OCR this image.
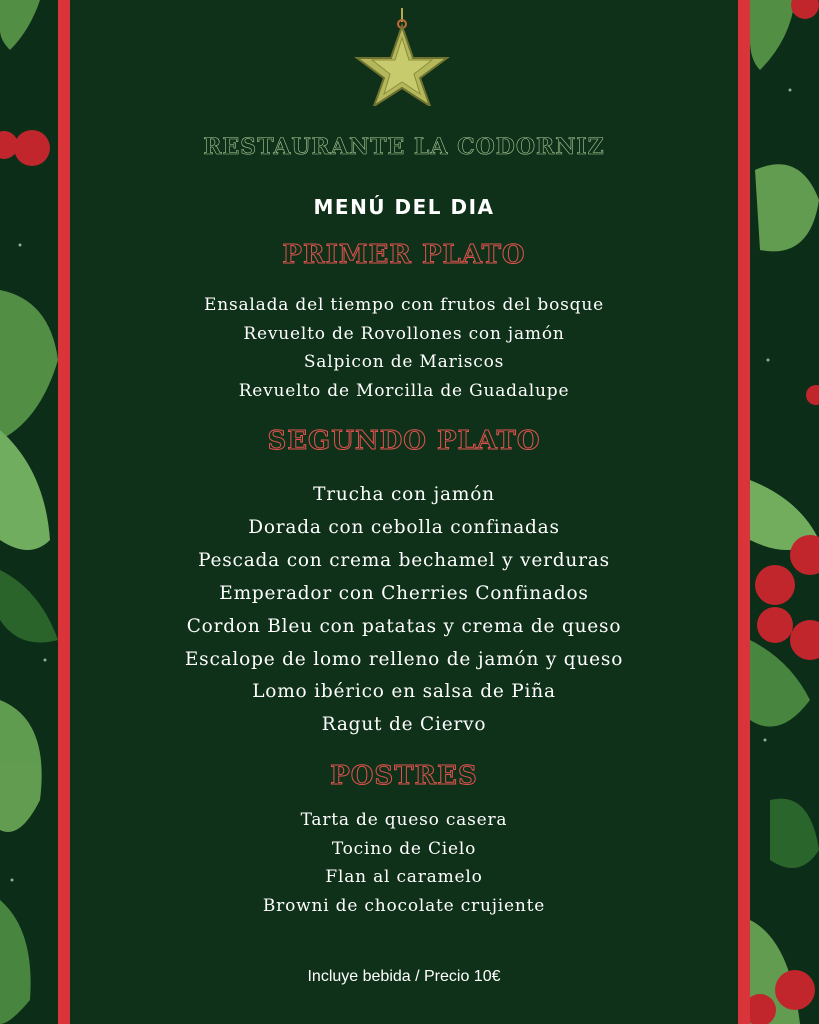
RESTAURANTE LA CODORNIZ
MENÚ DEL DIA
PRIMER PLATO
Ensalada del tiempo con frutos del bosque
Revuelto de Rovollones con jamón
Salpicon de Mariscos
Revuelto de Morcilla de Guadalupe
SEGUNDO PLATO
Trucha con jamón
Dorada con cebolla confinadas
Pescada con crema bechamel y verduras
Emperador con Cherries Confinados
Cordon Bleu con patatas y crema de queso
Escalope de lomo relleno de jamón y queso
Lomo ibérico en salsa de Piña
Ragut de Ciervo
POSTRES
Tarta de queso casera
Tocino de Cielo
Flan al caramelo
Browni de chocolate crujiente

Incluye bebida / Precio 10€
